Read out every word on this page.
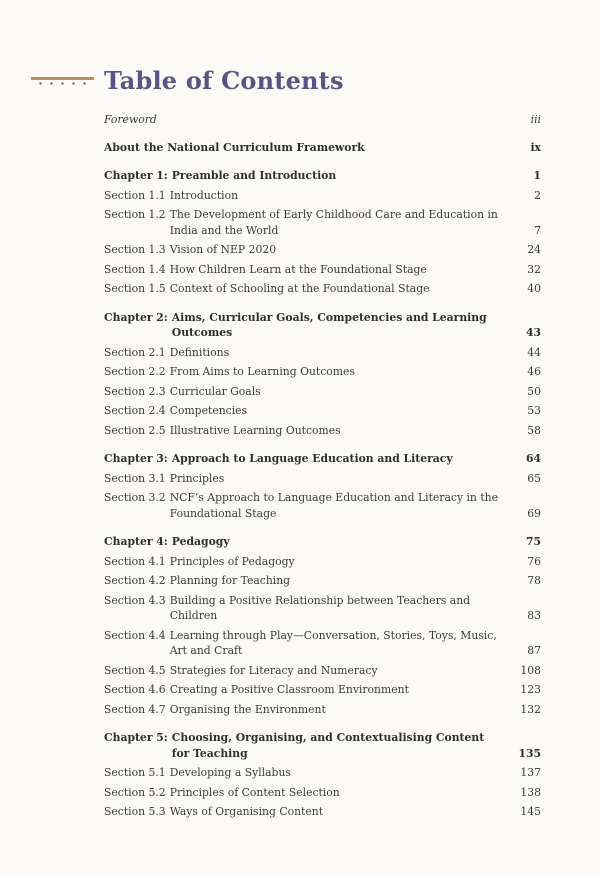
Table of Contents
Foreword	iii
About the National Curriculum Framework	ix
Chapter 1: Preamble and Introduction	1
Section 1.1 Introduction	2
Section 1.2 The Development of Early Childhood Care and Education in India and the World	7
Section 1.3 Vision of NEP 2020	24
Section 1.4 How Children Learn at the Foundational Stage	32
Section 1.5 Context of Schooling at the Foundational Stage	40
Chapter 2: Aims, Curricular Goals, Competencies and Learning Outcomes	43
Section 2.1 Definitions	44
Section 2.2 From Aims to Learning Outcomes	46
Section 2.3 Curricular Goals	50
Section 2.4 Competencies	53
Section 2.5 Illustrative Learning Outcomes	58
Chapter 3: Approach to Language Education and Literacy	64
Section 3.1 Principles	65
Section 3.2 NCF’s Approach to Language Education and Literacy in the Foundational Stage	69
Chapter 4: Pedagogy	75
Section 4.1 Principles of Pedagogy	76
Section 4.2 Planning for Teaching	78
Section 4.3 Building a Positive Relationship between Teachers and Children	83
Section 4.4 Learning through Play—Conversation, Stories, Toys, Music, Art and Craft	87
Section 4.5 Strategies for Literacy and Numeracy	108
Section 4.6 Creating a Positive Classroom Environment	123
Section 4.7 Organising the Environment	132
Chapter 5: Choosing, Organising, and Contextualising Content for Teaching	135
Section 5.1 Developing a Syllabus	137
Section 5.2 Principles of Content Selection	138
Section 5.3 Ways of Organising Content	145
